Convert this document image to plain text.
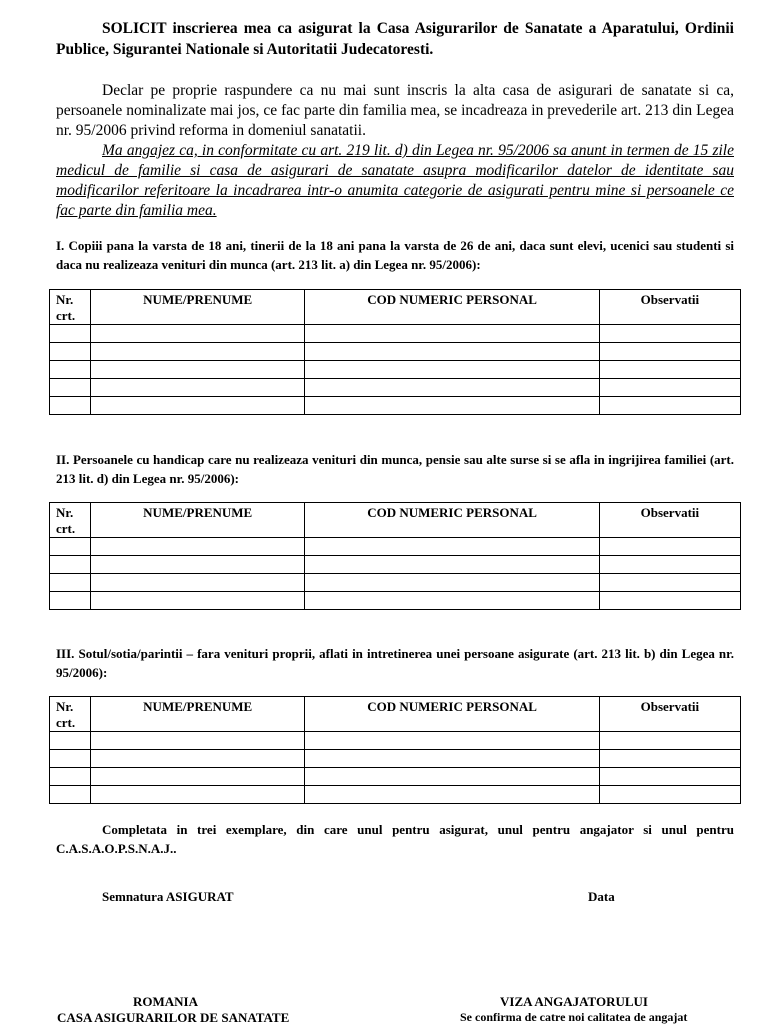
SOLICIT inscrierea mea ca asigurat la Casa Asigurarilor de Sanatate a Aparatului, Ordinii Publice, Sigurantei Nationale si Autoritatii Judecatoresti.

Declar pe proprie raspundere ca nu mai sunt inscris la alta casa de asigurari de sanatate si ca, persoanele nominalizate mai jos, ce fac parte din familia mea, se incadreaza in prevederile art. 213 din Legea nr. 95/2006 privind reforma in domeniul sanatatii.

Ma angajez ca, in conformitate cu art. 219 lit. d) din Legea nr. 95/2006 sa anunt in termen de 15 zile medicul de familie si casa de asigurari de sanatate asupra modificarilor datelor de identitate sau modificarilor referitoare la incadrarea intr-o anumita categorie de asigurati pentru mine si persoanele ce fac parte din familia mea.

I. Copiii pana la varsta de 18 ani, tinerii de la 18 ani pana la varsta de 26 de ani, daca sunt elevi, ucenici sau studenti si daca nu realizeaza venituri din munca (art. 213 lit. a) din Legea nr. 95/2006):

Nr.
crt.	NUME/PRENUME	COD NUMERIC PERSONAL	Observatii

II. Persoanele cu handicap care nu realizeaza venituri din munca, pensie sau alte surse si se afla in ingrijirea familiei (art. 213 lit. d) din Legea nr. 95/2006):

Nr.
crt.	NUME/PRENUME	COD NUMERIC PERSONAL	Observatii

III. Sotul/sotia/parintii – fara venituri proprii, aflati in intretinerea unei persoane asigurate (art. 213 lit. b) din Legea nr. 95/2006):

Nr.
crt.	NUME/PRENUME	COD NUMERIC PERSONAL	Observatii

Completata in trei exemplare, din care unul pentru asigurat, unul pentru angajator si unul pentru C.A.S.A.O.P.S.N.A.J..

Semnatura ASIGURAT	Data
ROMANIA
CASA ASIGURARILOR DE SANATATE
VIZA ANGAJATORULUI
Se confirma de catre noi calitatea de angajat
